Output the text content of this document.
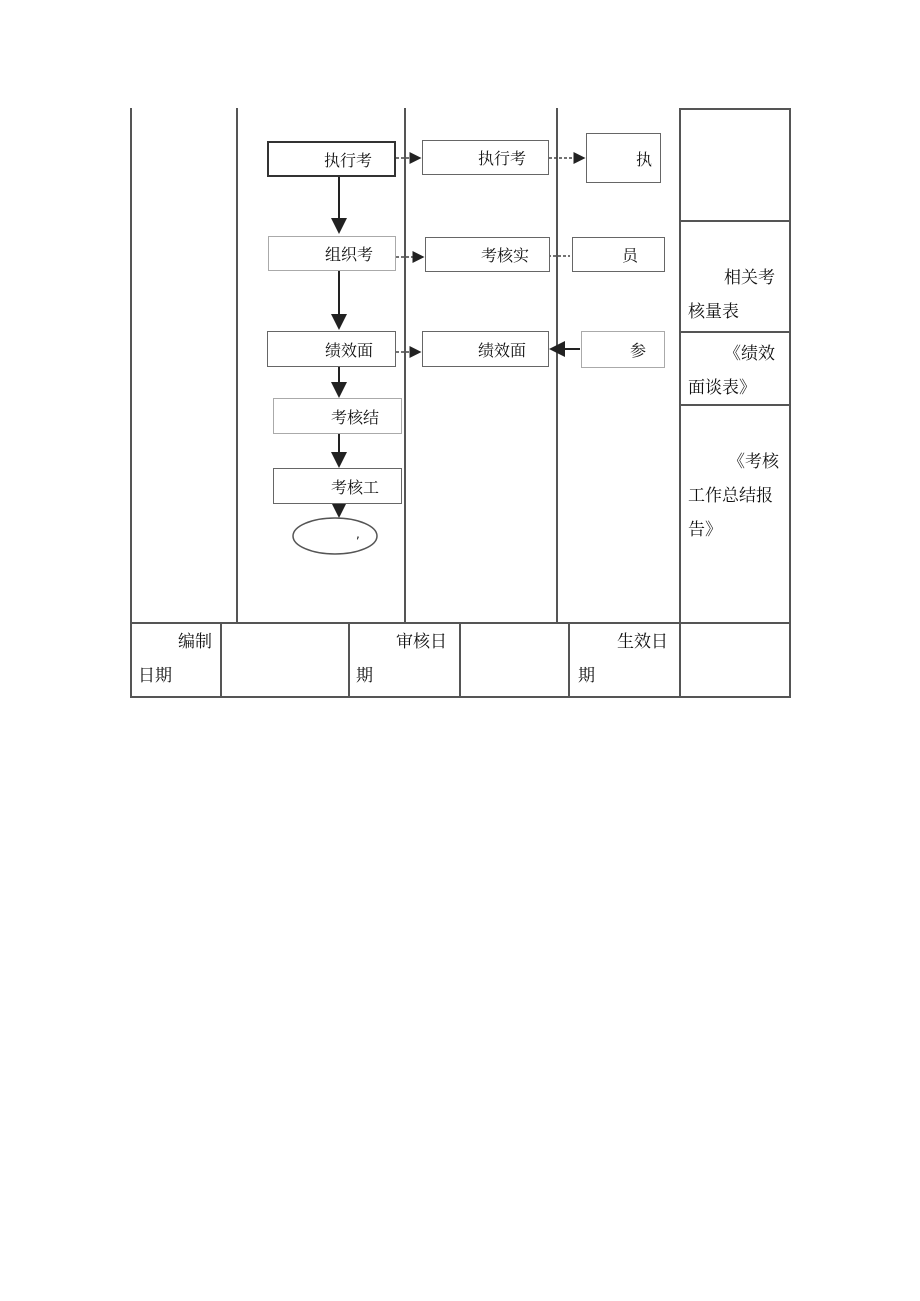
执行考
组织考
绩效面
考核结
考核工
,
执行考
考核实
绩效面
执
员
参
相关考
核量表
《绩效
面谈表》
《考核
工作总结报
告》
编制
日期
审核日
期
生效日
期
